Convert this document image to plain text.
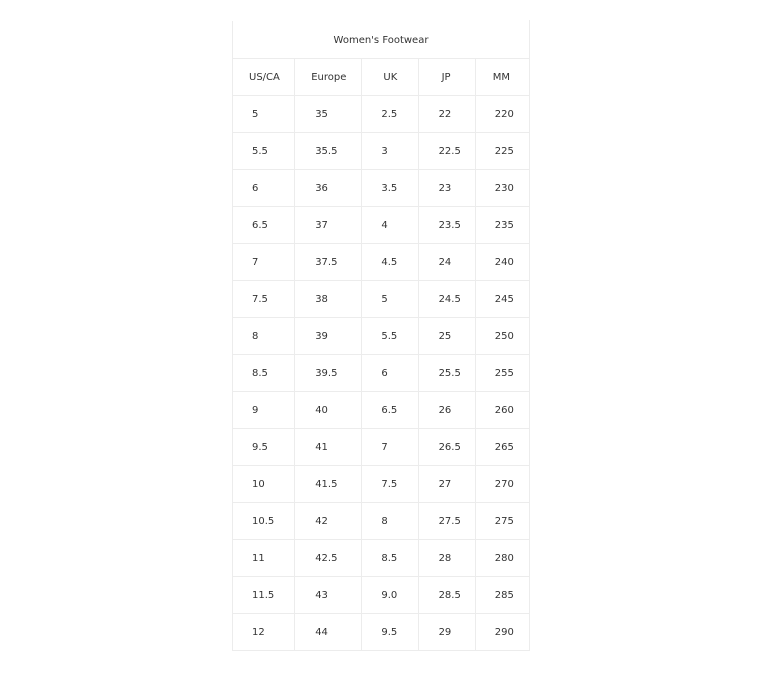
Women's Footwear				
US/CA	Europe	UK	JP	MM
5	35	2.5	22	220
5.5	35.5	3	22.5	225
6	36	3.5	23	230
6.5	37	4	23.5	235
7	37.5	4.5	24	240
7.5	38	5	24.5	245
8	39	5.5	25	250
8.5	39.5	6	25.5	255
9	40	6.5	26	260
9.5	41	7	26.5	265
10	41.5	7.5	27	270
10.5	42	8	27.5	275
11	42.5	8.5	28	280
11.5	43	9.0	28.5	285
12	44	9.5	29	290
